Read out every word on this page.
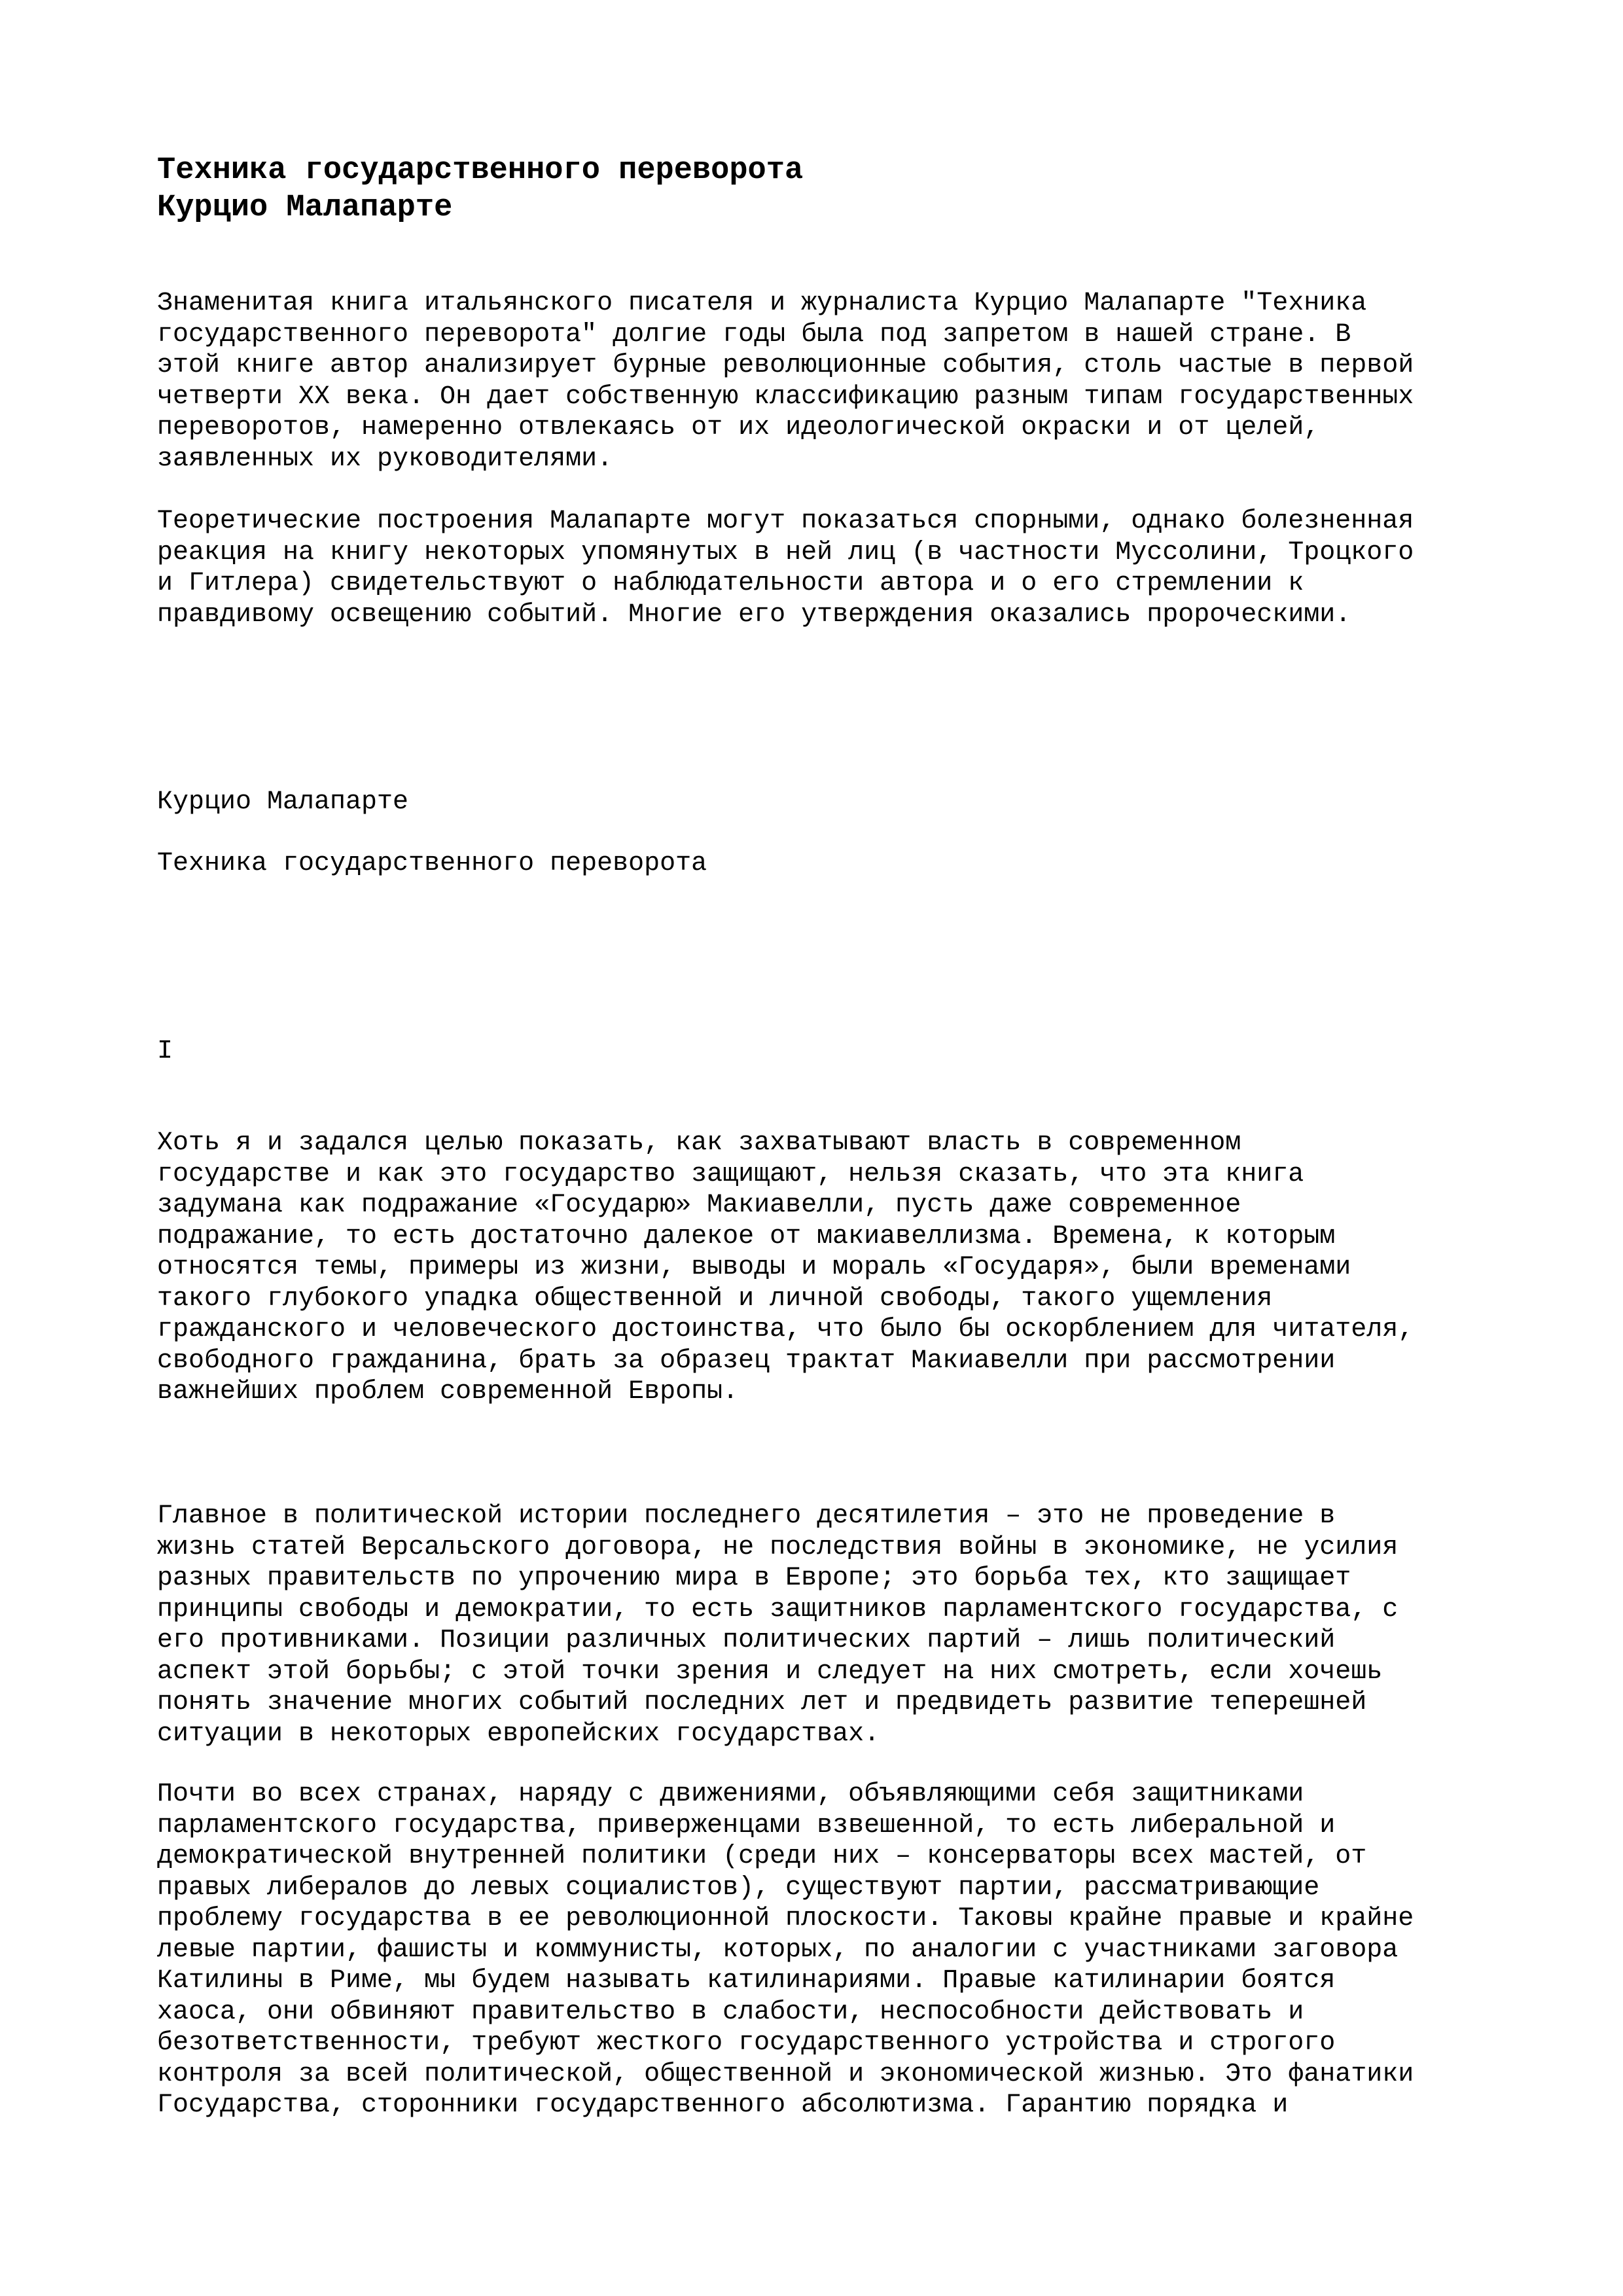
Техника государственного переворота
Курцио Малапарте

Знаменитая книга итальянского писателя и журналиста Курцио Малапарте "Техника
государственного переворота" долгие годы была под запретом в нашей стране. В
этой книге автор анализирует бурные революционные события, столь частые в первой
четверти XX века. Он дает собственную классификацию разным типам государственных
переворотов, намеренно отвлекаясь от их идеологической окраски и от целей,
заявленных их руководителями.

Теоретические построения Малапарте могут показаться спорными, однако болезненная
реакция на книгу некоторых упомянутых в ней лиц (в частности Муссолини, Троцкого
и Гитлера) свидетельствуют о наблюдательности автора и о его стремлении к
правдивому освещению событий. Многие его утверждения оказались пророческими.

Курцио Малапарте

Техника государственного переворота

I

Хоть я и задался целью показать, как захватывают власть в современном
государстве и как это государство защищают, нельзя сказать, что эта книга
задумана как подражание «Государю» Макиавелли, пусть даже современное
подражание, то есть достаточно далекое от макиавеллизма. Времена, к которым
относятся темы, примеры из жизни, выводы и мораль «Государя», были временами
такого глубокого упадка общественной и личной свободы, такого ущемления
гражданского и человеческого достоинства, что было бы оскорблением для читателя,
свободного гражданина, брать за образец трактат Макиавелли при рассмотрении
важнейших проблем современной Европы.

Главное в политической истории последнего десятилетия – это не проведение в
жизнь статей Версальского договора, не последствия войны в экономике, не усилия
разных правительств по упрочению мира в Европе; это борьба тех, кто защищает
принципы свободы и демократии, то есть защитников парламентского государства, с
его противниками. Позиции различных политических партий – лишь политический
аспект этой борьбы; с этой точки зрения и следует на них смотреть, если хочешь
понять значение многих событий последних лет и предвидеть развитие теперешней
ситуации в некоторых европейских государствах.

Почти во всех странах, наряду с движениями, объявляющими себя защитниками
парламентского государства, приверженцами взвешенной, то есть либеральной и
демократической внутренней политики (среди них – консерваторы всех мастей, от
правых либералов до левых социалистов), существуют партии, рассматривающие
проблему государства в ее революционной плоскости. Таковы крайне правые и крайне
левые партии, фашисты и коммунисты, которых, по аналогии с участниками заговора
Катилины в Риме, мы будем называть катилинариями. Правые катилинарии боятся
хаоса, они обвиняют правительство в слабости, неспособности действовать и
безответственности, требуют жесткого государственного устройства и строгого
контроля за всей политической, общественной и экономической жизнью. Это фанатики
Государства, сторонники государственного абсолютизма. Гарантию порядка и
